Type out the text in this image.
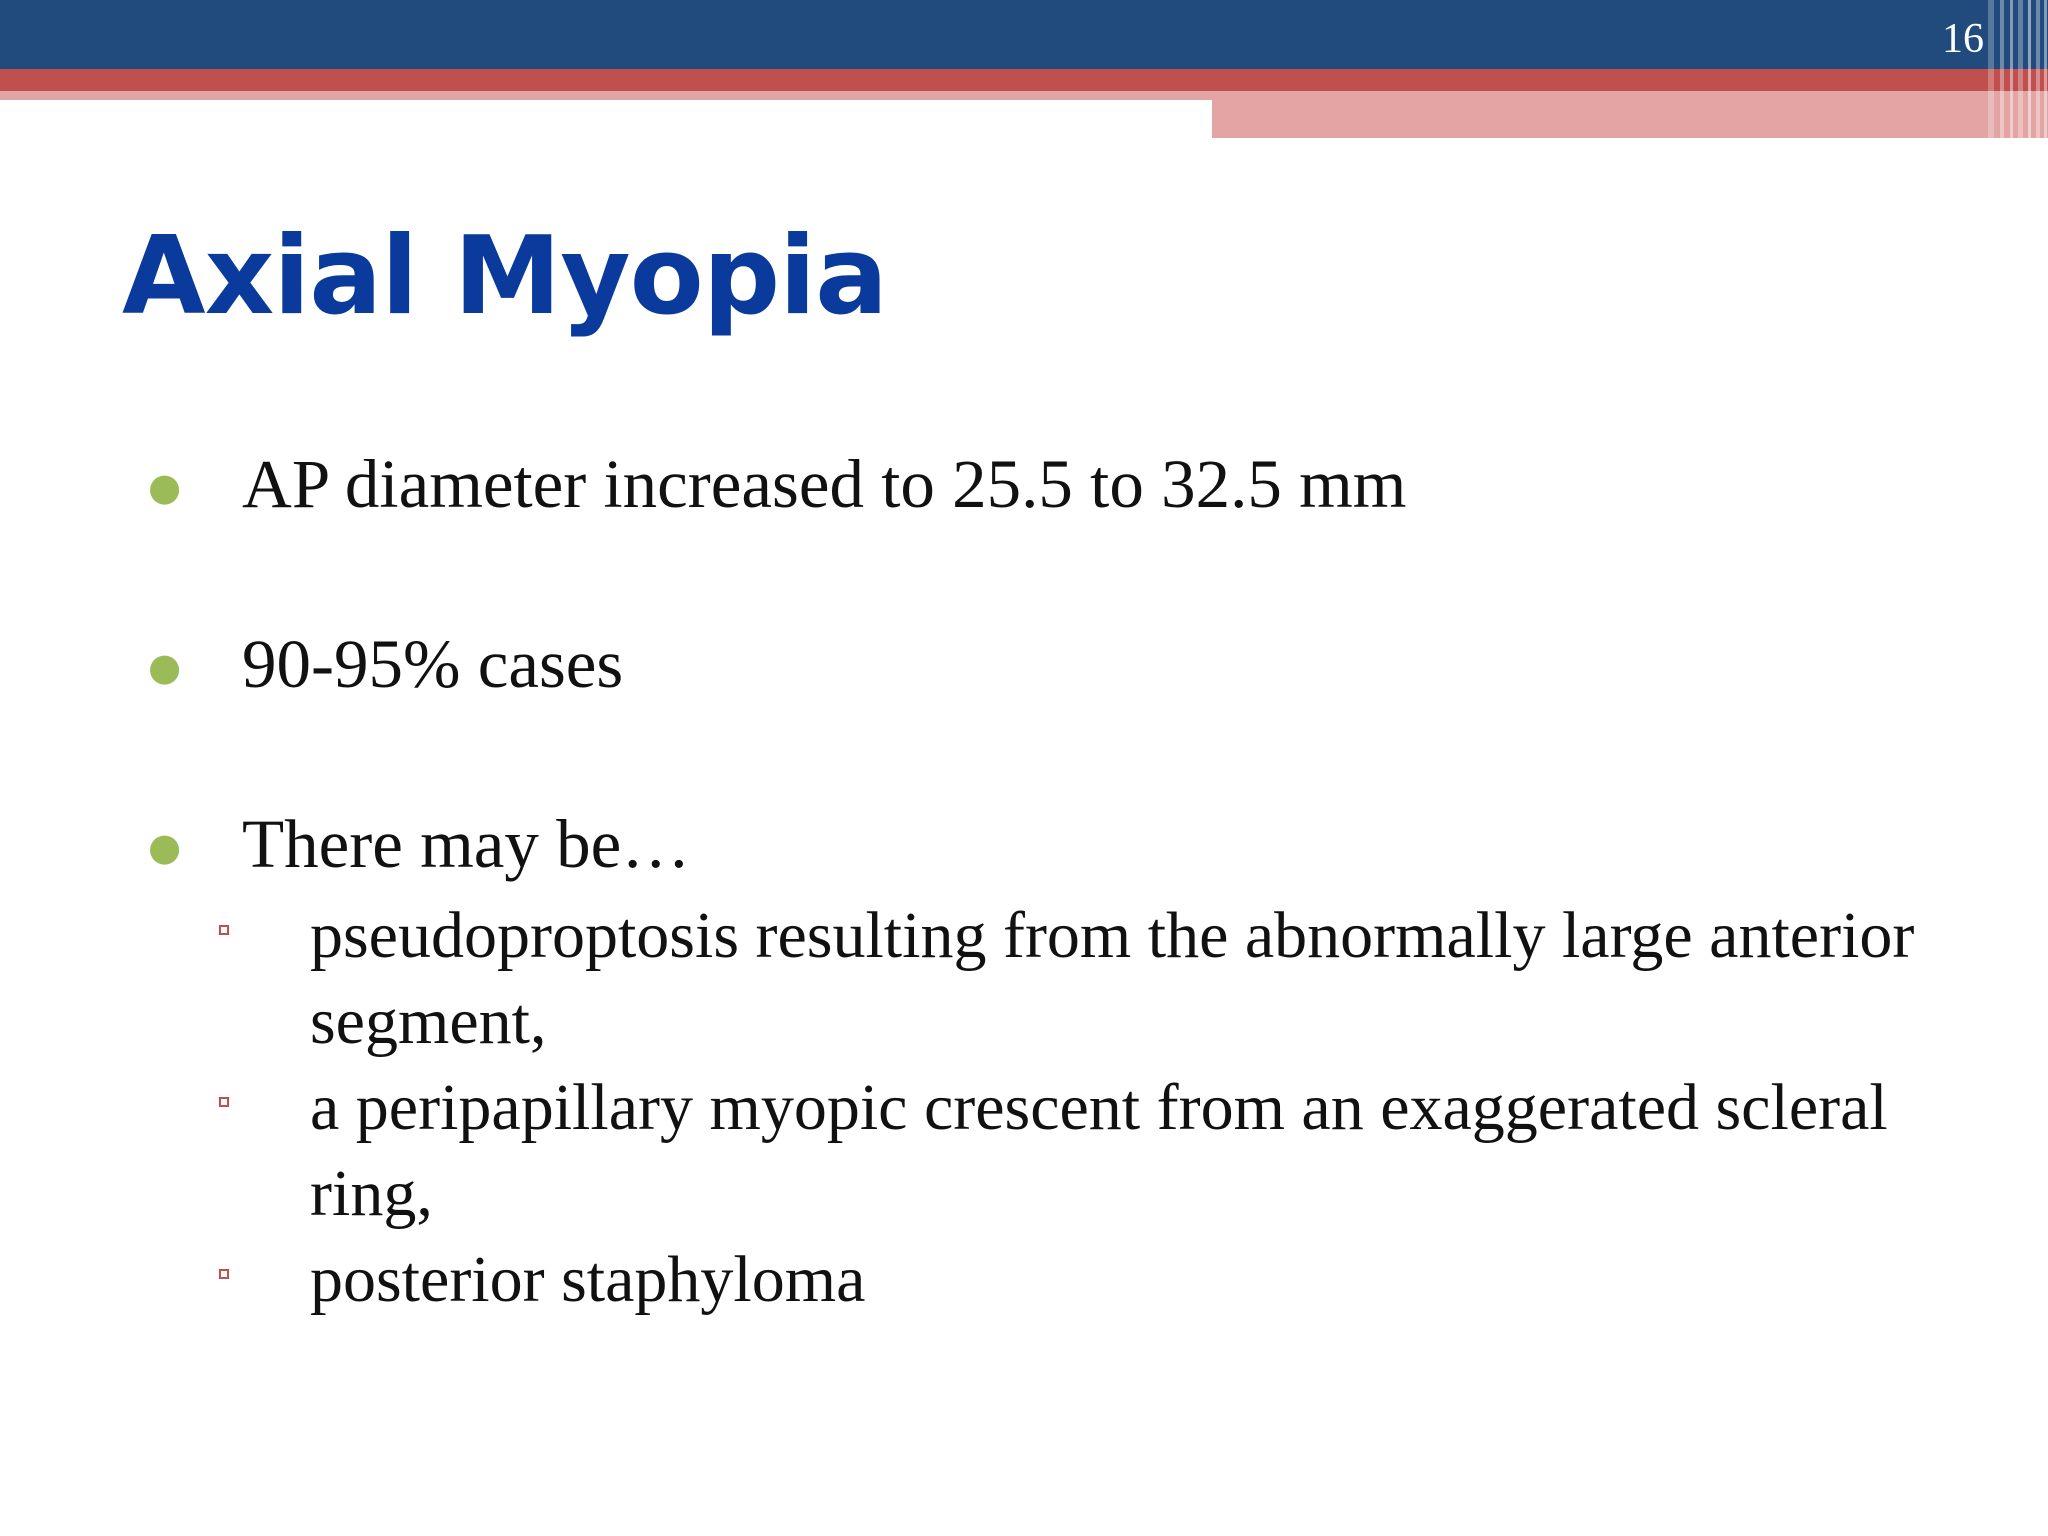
16
Axial Myopia
● AP diameter increased to 25.5 to 32.5 mm
● 90-95% cases
● There may be…
pseudoproptosis resulting from the abnormally large anterior segment,
a peripapillary myopic crescent from an exaggerated scleral ring,
posterior staphyloma
